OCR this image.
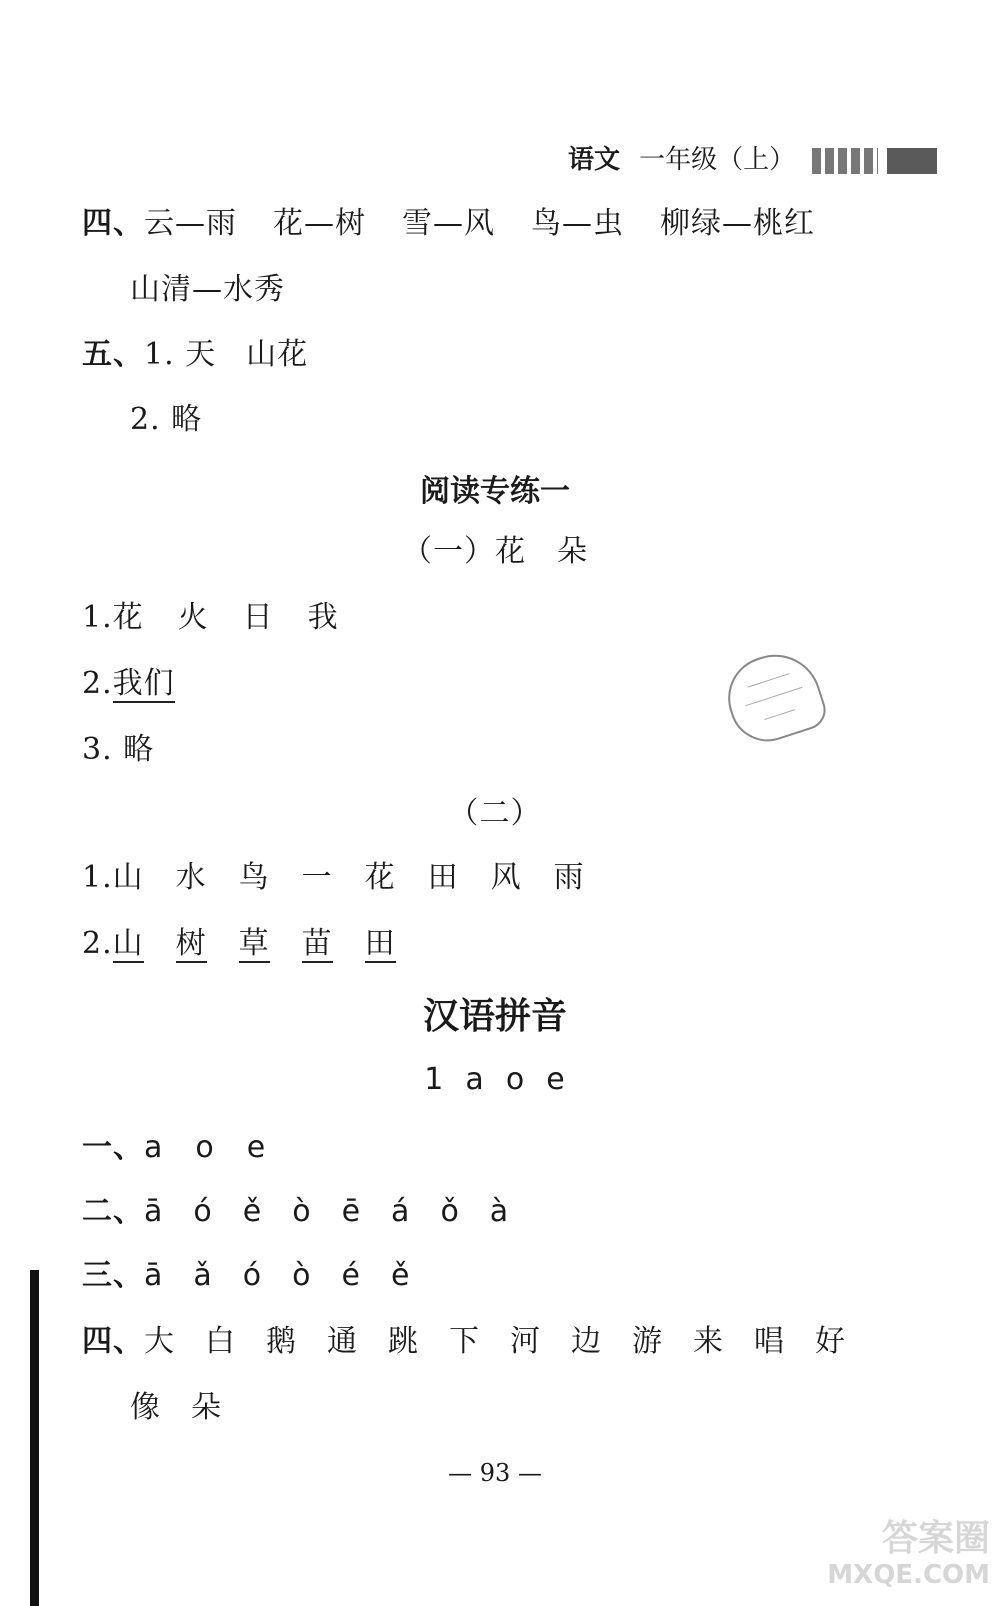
语文 一年级（上）
四、云—雨 花—树 雪—风 鸟—虫 柳绿—桃红
山清—水秀
五、1. 天 山花
2. 略
阅读专练一
（一）花　朵
1.花 火 日 我
2.我们
3. 略
（二）
1.山 水 鸟 一 花 田 风 雨
2.山 树 草 苗 田
汉语拼音
1  a  o  e
一、a o e
二、ā ó ě ò ē á ǒ à
三、ā ǎ ó ò é ě
四、大 白 鹅 通 跳 下 河 边 游 来 唱 好
像 朵
— 93 —
答案圈
MXQE.COM
